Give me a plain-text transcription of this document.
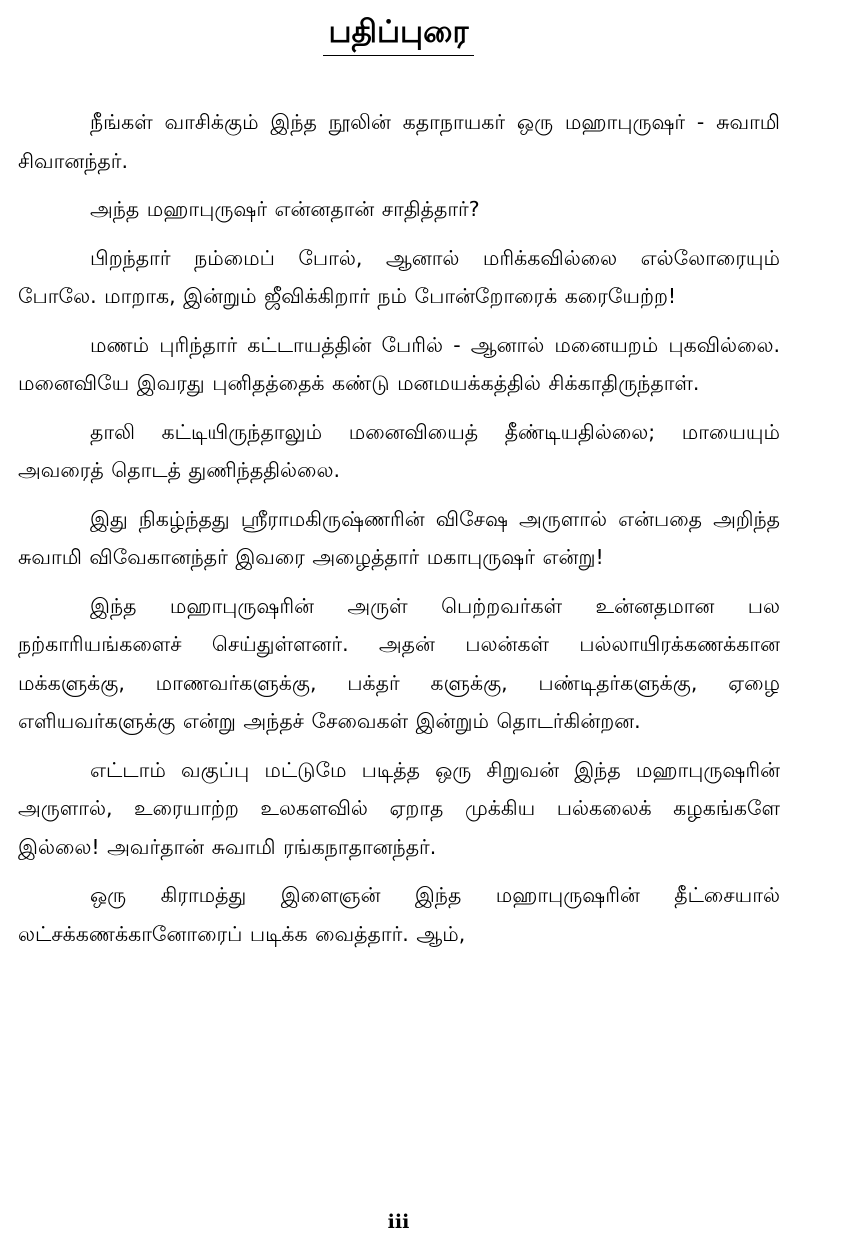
பதிப்புரை

நீங்கள் வாசிக்கும் இந்த நூலின் கதாநாயகர் ஒரு மஹாபுருஷர் - சுவாமி சிவானந்தர்.

அந்த மஹாபுருஷர் என்னதான் சாதித்தார்?

பிறந்தார் நம்மைப் போல், ஆனால் மரிக்கவில்லை எல்லோரையும் போலே. மாறாக, இன்றும் ஜீவிக்கிறார் நம் போன்றோரைக் கரையேற்ற!

மணம் புரிந்தார் கட்டாயத்தின் பேரில் - ஆனால் மனையறம் புகவில்லை. மனைவியே இவரது புனிதத்தைக் கண்டு மனமயக்கத்தில் சிக்காதிருந்தாள்.

தாலி கட்டியிருந்தாலும் மனைவியைத் தீண்டியதில்லை; மாயையும் அவரைத் தொடத் துணிந்ததில்லை.

இது நிகழ்ந்தது ஸ்ரீராமகிருஷ்ணரின் விசேஷ அருளால் என்பதை அறிந்த சுவாமி விவேகானந்தர் இவரை அழைத்தார் மகாபுருஷர் என்று!

இந்த மஹாபுருஷரின் அருள் பெற்றவர்கள் உன்னதமான பல நற்காரியங்களைச் செய்துள்ளனர். அதன் பலன்கள் பல்லாயிரக்கணக்கான மக்களுக்கு, மாணவர்களுக்கு, பக்தர் களுக்கு, பண்டிதர்களுக்கு, ஏழை எளியவர்களுக்கு என்று அந்தச் சேவைகள் இன்றும் தொடர்கின்றன.

எட்டாம் வகுப்பு மட்டுமே படித்த ஒரு சிறுவன் இந்த மஹாபுருஷரின் அருளால், உரையாற்ற உலகளவில் ஏறாத முக்கிய பல்கலைக் கழகங்களே இல்லை! அவர்தான் சுவாமி ரங்கநாதானந்தர்.

ஒரு கிராமத்து இளைஞன் இந்த மஹாபுருஷரின் தீட்சையால் லட்சக்கணக்கானோரைப் படிக்க வைத்தார். ஆம்,

iii
